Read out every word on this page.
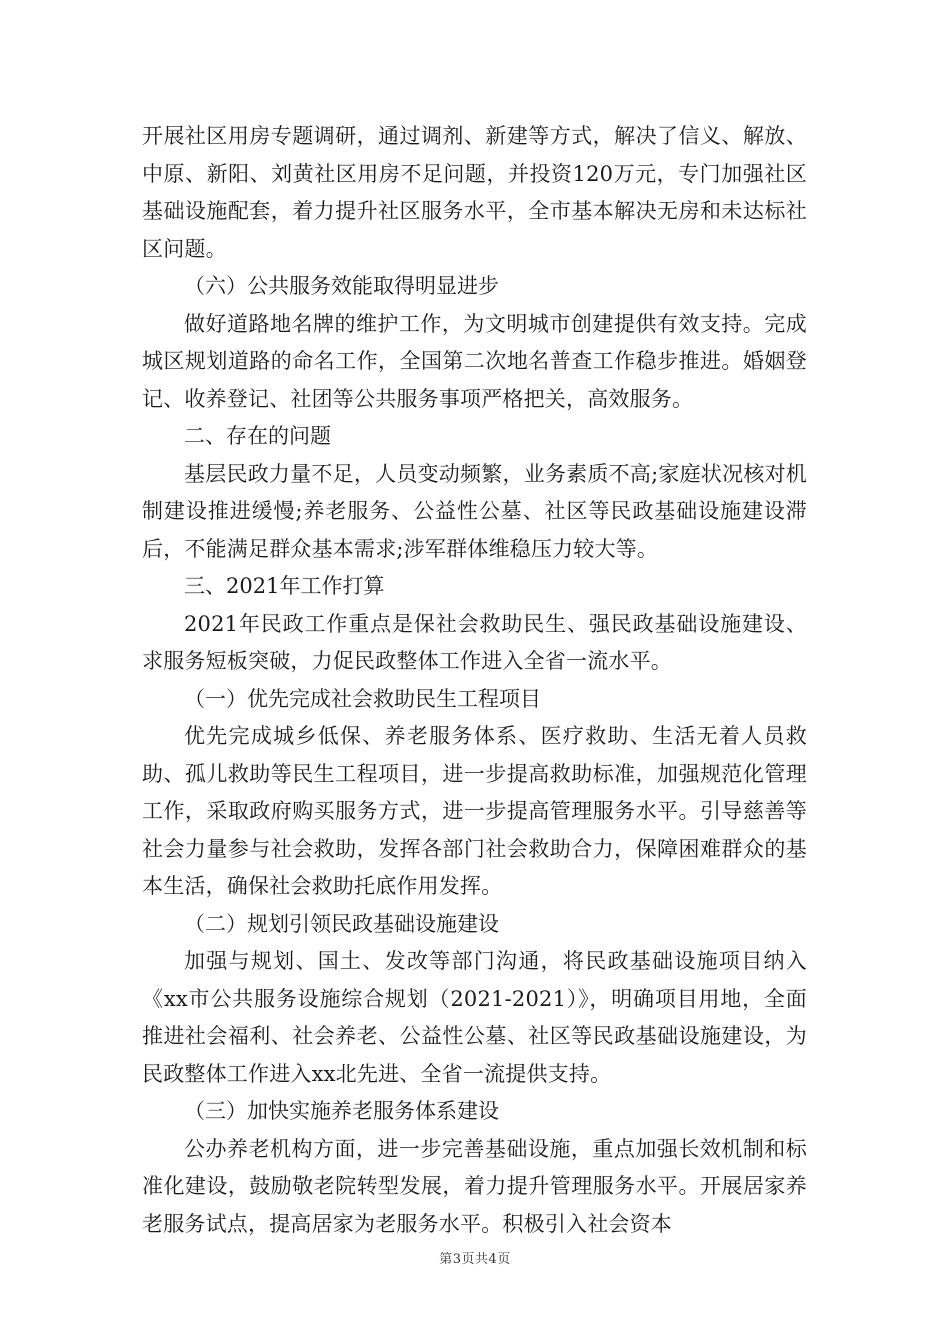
开展社区用房专题调研，通过调剂、新建等方式，解决了信义、解放、中原、新阳、刘黄社区用房不足问题，并投资120万元，专门加强社区基础设施配套，着力提升社区服务水平，全市基本解决无房和未达标社区问题。

（六）公共服务效能取得明显进步

做好道路地名牌的维护工作，为文明城市创建提供有效支持。完成城区规划道路的命名工作，全国第二次地名普查工作稳步推进。婚姻登记、收养登记、社团等公共服务事项严格把关，高效服务。

二、存在的问题

基层民政力量不足，人员变动频繁，业务素质不高;家庭状况核对机制建设推进缓慢;养老服务、公益性公墓、社区等民政基础设施建设滞后，不能满足群众基本需求;涉军群体维稳压力较大等。

三、2021年工作打算

2021年民政工作重点是保社会救助民生、强民政基础设施建设、求服务短板突破，力促民政整体工作进入全省一流水平。

（一）优先完成社会救助民生工程项目

优先完成城乡低保、养老服务体系、医疗救助、生活无着人员救助、孤儿救助等民生工程项目，进一步提高救助标准，加强规范化管理工作，采取政府购买服务方式，进一步提高管理服务水平。引导慈善等社会力量参与社会救助，发挥各部门社会救助合力，保障困难群众的基本生活，确保社会救助托底作用发挥。

（二）规划引领民政基础设施建设

加强与规划、国土、发改等部门沟通，将民政基础设施项目纳入《xx市公共服务设施综合规划（2021-2021）》，明确项目用地，全面推进社会福利、社会养老、公益性公墓、社区等民政基础设施建设，为民政整体工作进入xx北先进、全省一流提供支持。

（三）加快实施养老服务体系建设

公办养老机构方面，进一步完善基础设施，重点加强长效机制和标准化建设，鼓励敬老院转型发展，着力提升管理服务水平。开展居家养老服务试点，提高居家为老服务水平。积极引入社会资本

第3页共4页
